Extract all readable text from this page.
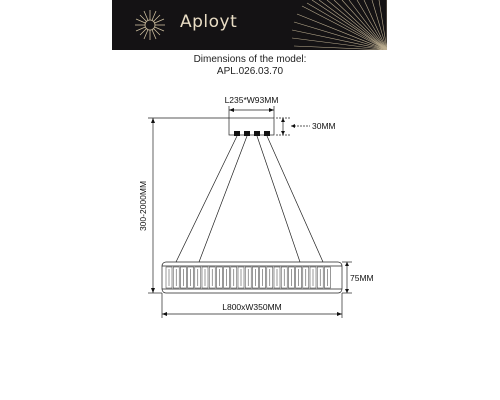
Aployt
Dimensions of the model:
APL.026.03.70
L235*W93MM
30MM
300-2000MM
75MM
L800xW350MM
